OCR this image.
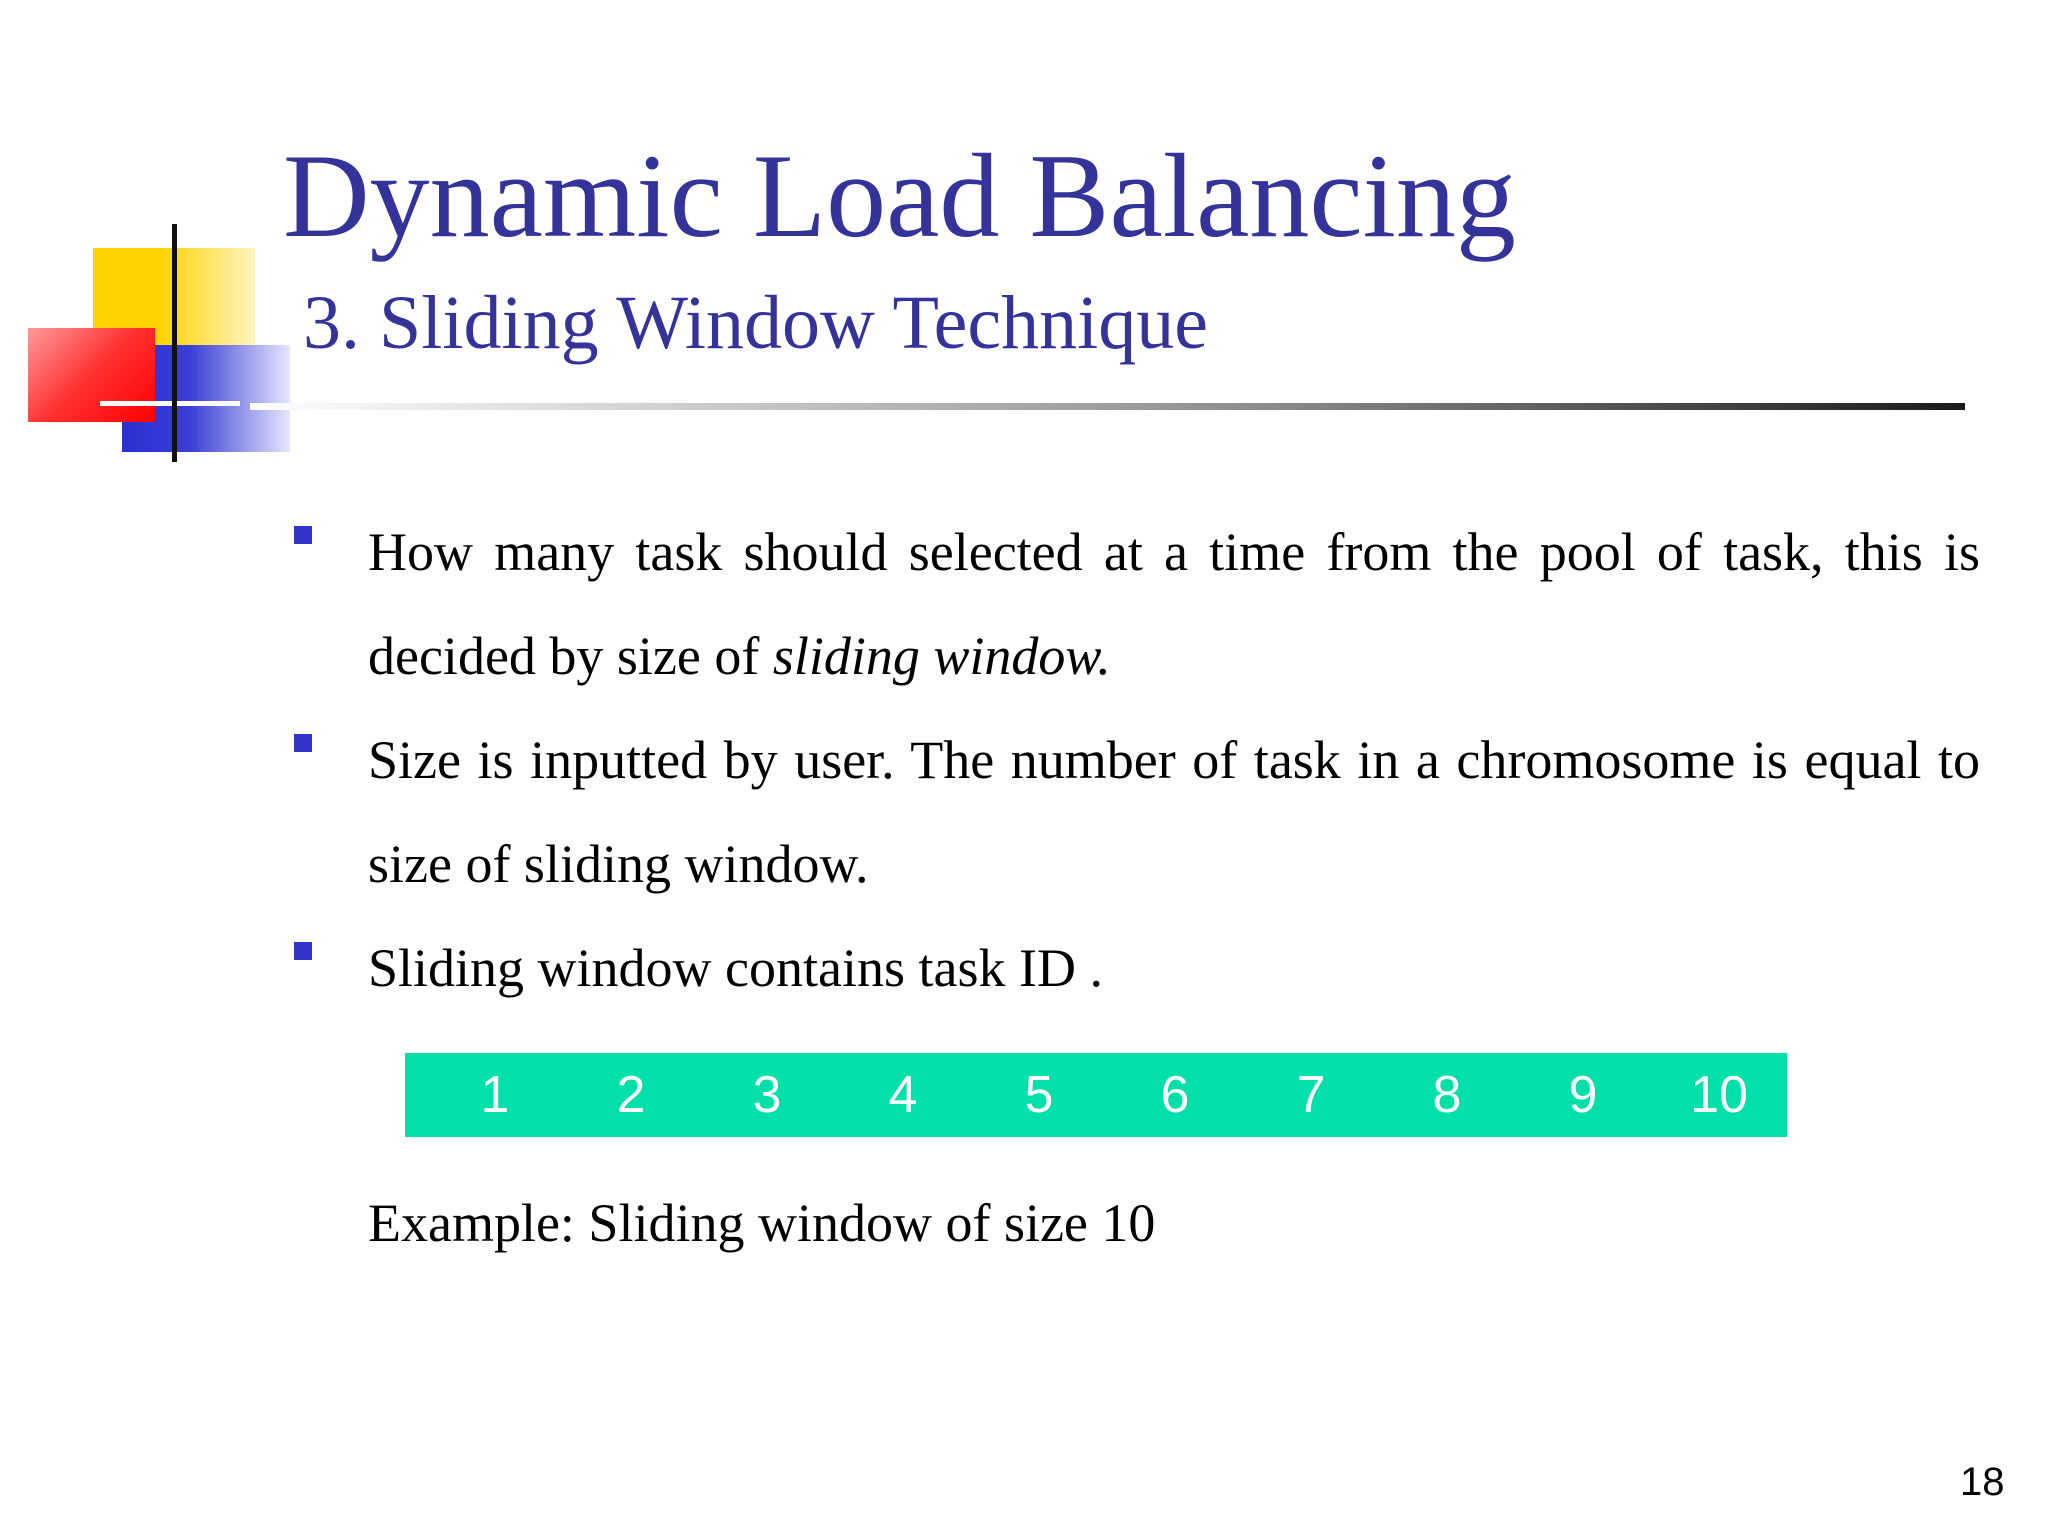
Dynamic Load Balancing
3. Sliding Window Technique
How many task should selected at a time from the pool of task, this is decided by size of sliding window.
Size is inputted by user. The number of task in a chromosome is equal to size of sliding window.
Sliding window contains task ID .
1	2	3	4	5	6	7	8	9	10
Example: Sliding window of size 10
18
